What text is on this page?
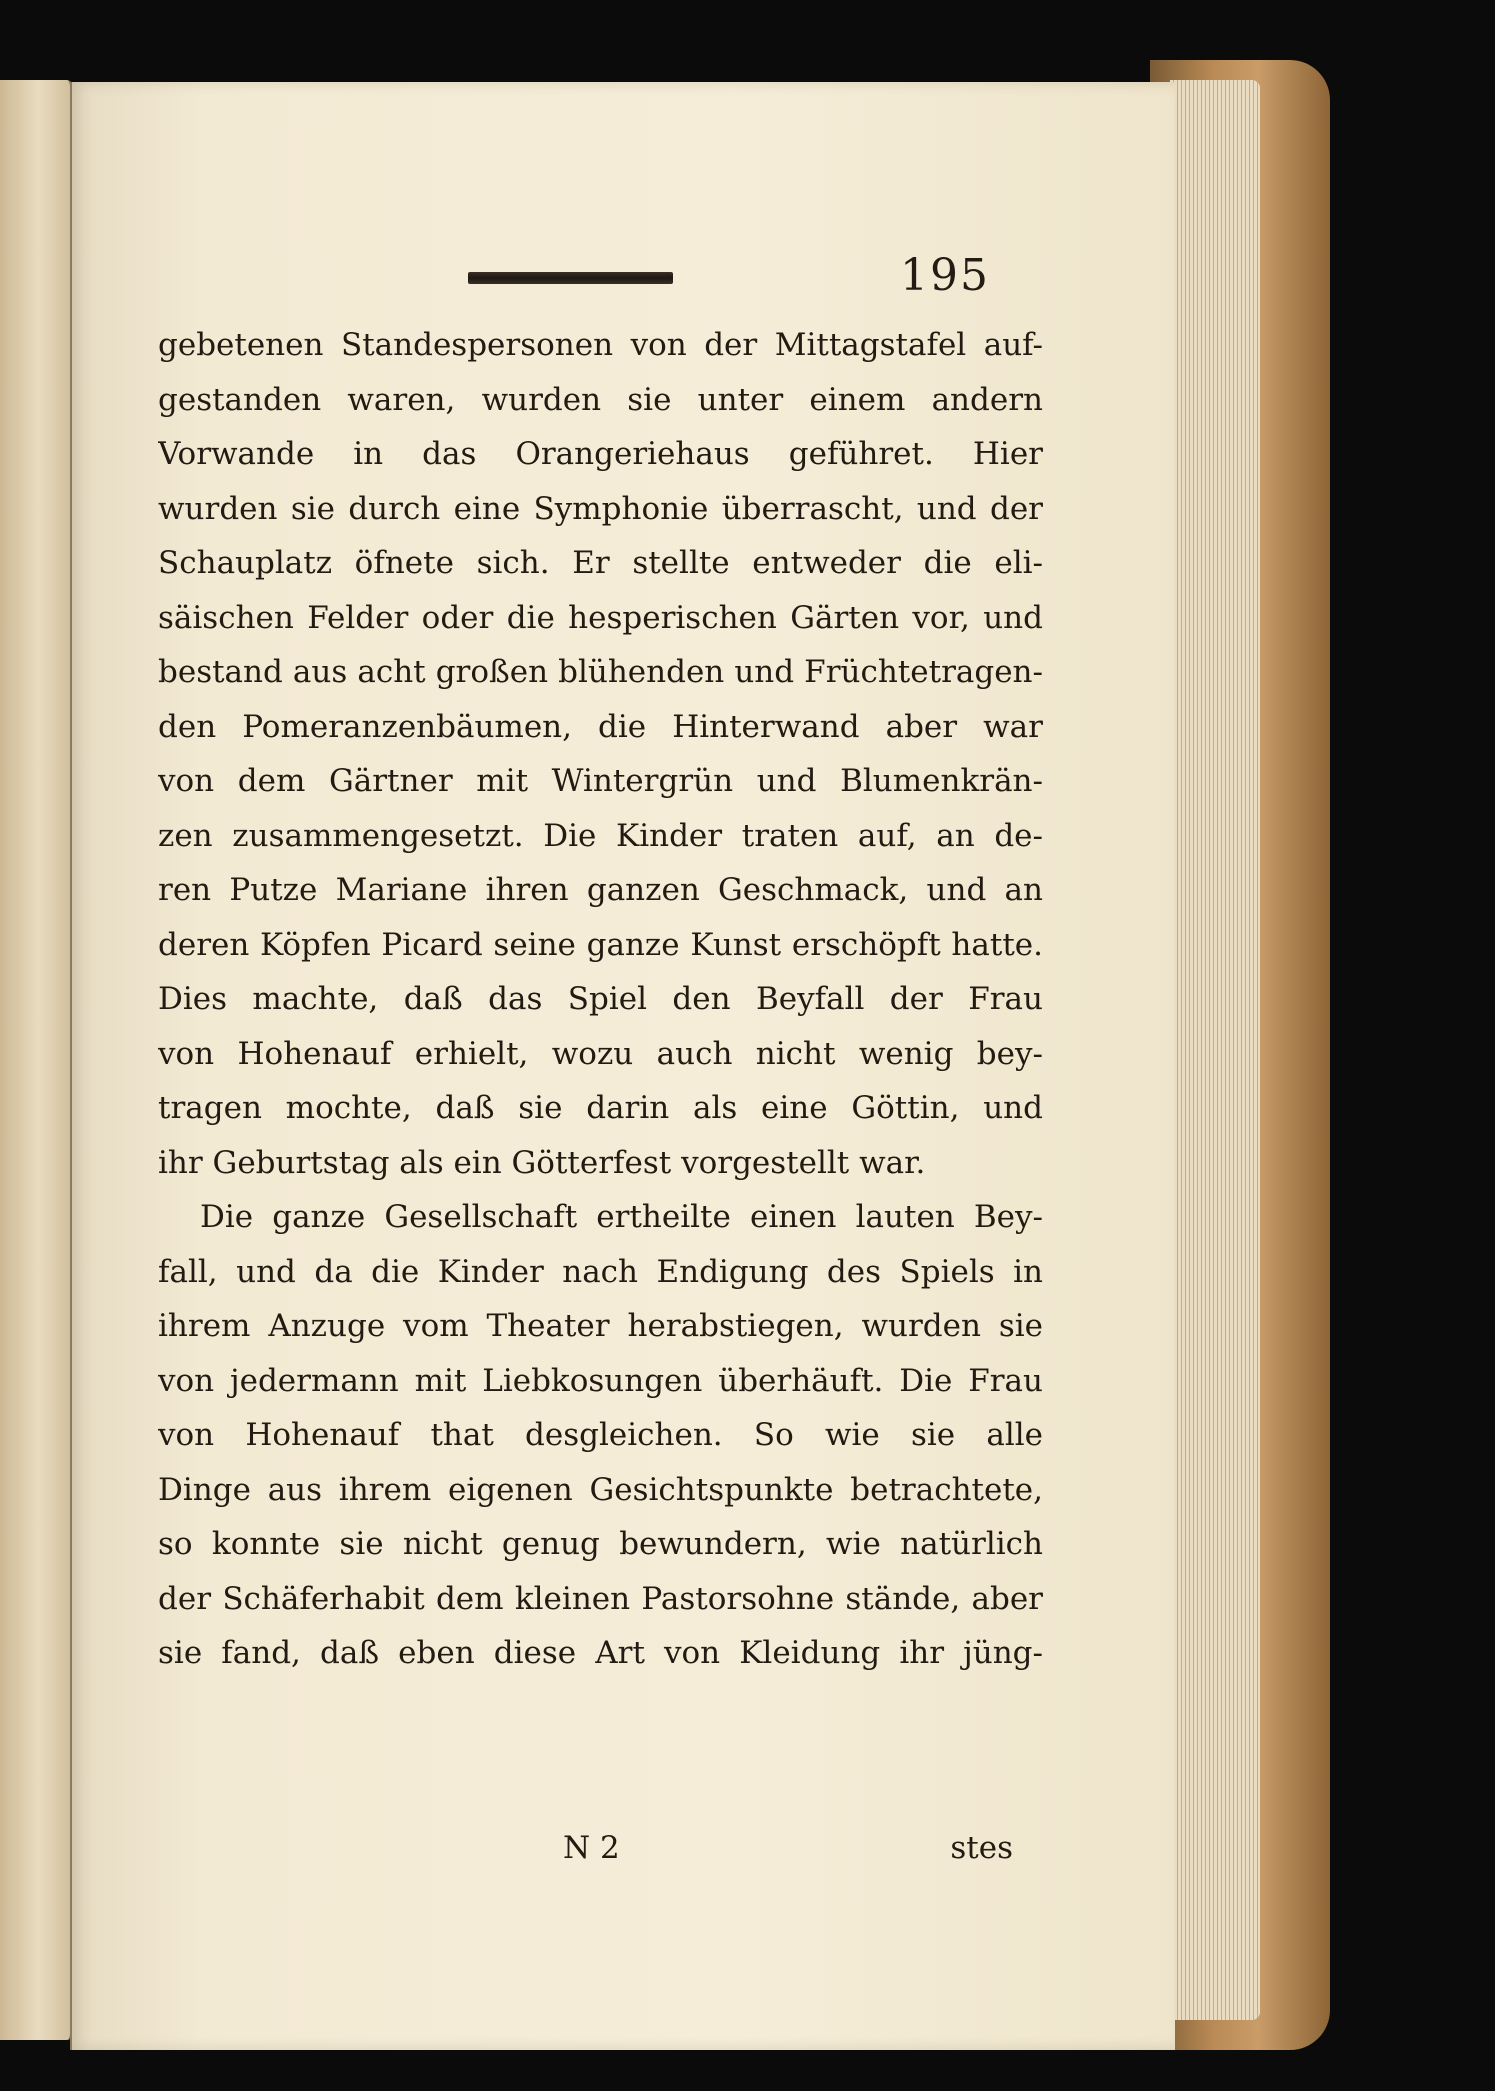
195
gebetenen Standespersonen von der Mittagstafel auf-
gestanden waren, wurden sie unter einem andern
Vorwande in das Orangeriehaus geführet. Hier
wurden sie durch eine Symphonie überrascht, und der
Schauplatz öfnete sich. Er stellte entweder die eli-
säischen Felder oder die hesperischen Gärten vor, und
bestand aus acht großen blühenden und Früchtetragen-
den Pomeranzenbäumen, die Hinterwand aber war
von dem Gärtner mit Wintergrün und Blumenkrän-
zen zusammengesetzt. Die Kinder traten auf, an de-
ren Putze Mariane ihren ganzen Geschmack, und an
deren Köpfen Picard seine ganze Kunst erschöpft hatte.
Dies machte, daß das Spiel den Beyfall der Frau
von Hohenauf erhielt, wozu auch nicht wenig bey-
tragen mochte, daß sie darin als eine Göttin, und
ihr Geburtstag als ein Götterfest vorgestellt war.
Die ganze Gesellschaft ertheilte einen lauten Bey-
fall, und da die Kinder nach Endigung des Spiels in
ihrem Anzuge vom Theater herabstiegen, wurden sie
von jedermann mit Liebkosungen überhäuft. Die Frau
von Hohenauf that desgleichen. So wie sie alle
Dinge aus ihrem eigenen Gesichtspunkte betrachtete,
so konnte sie nicht genug bewundern, wie natürlich
der Schäferhabit dem kleinen Pastorsohne stände, aber
sie fand, daß eben diese Art von Kleidung ihr jüng-
N 2	stes
